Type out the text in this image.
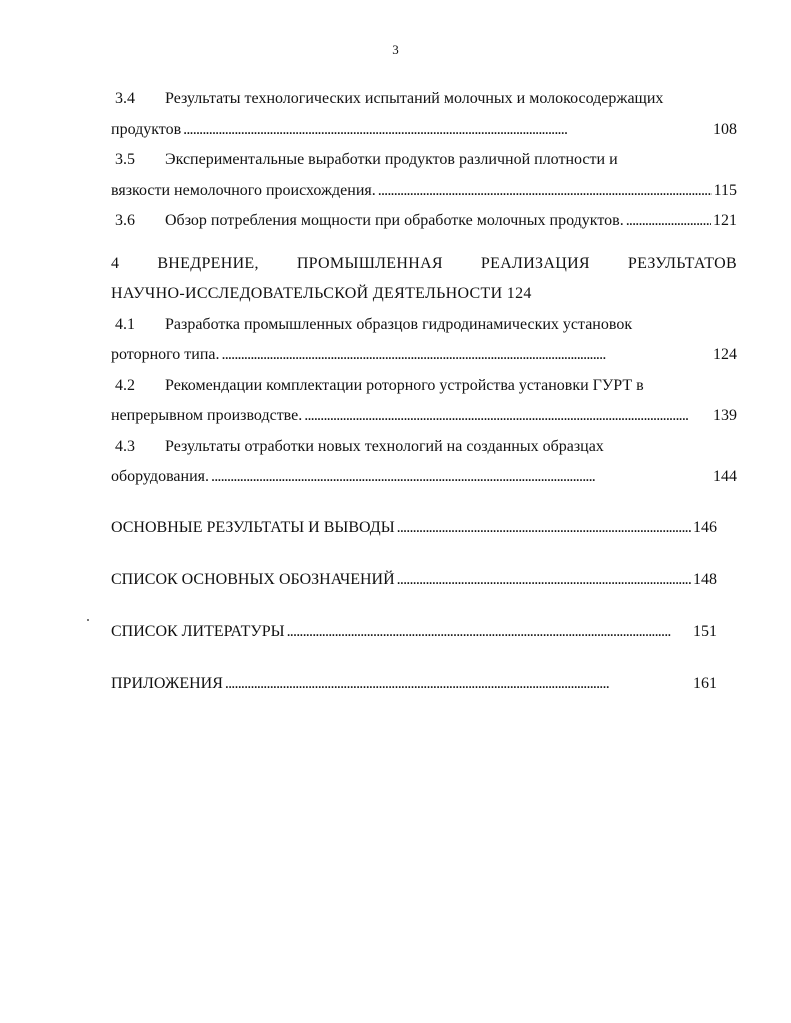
3
3.4	Результаты технологических испытаний молочных и молокосодержащих
продуктов . . .	108
3.5	Экспериментальные выработки продуктов различной плотности и
вязкости немолочного происхождения. . . .	115
3.6	Обзор потребления мощности при обработке молочных продуктов. . . .	121
4 ВНЕДРЕНИЕ, ПРОМЫШЛЕННАЯ РЕАЛИЗАЦИЯ РЕЗУЛЬТАТОВ
НАУЧНО-ИССЛЕДОВАТЕЛЬСКОЙ ДЕЯТЕЛЬНОСТИ 124
4.1	Разработка промышленных образцов гидродинамических установок
роторного типа. . . .	124
4.2	Рекомендации комплектации роторного устройства установки ГУРТ в
непрерывном производстве. . . .	139
4.3	Результаты отработки новых технологий на созданных образцах
оборудования. . . .	144
ОСНОВНЫЕ РЕЗУЛЬТАТЫ И ВЫВОДЫ . . .	146
СПИСОК ОСНОВНЫХ ОБОЗНАЧЕНИЙ . . .	148
СПИСОК ЛИТЕРАТУРЫ . . .	151
ПРИЛОЖЕНИЯ . . .	161
